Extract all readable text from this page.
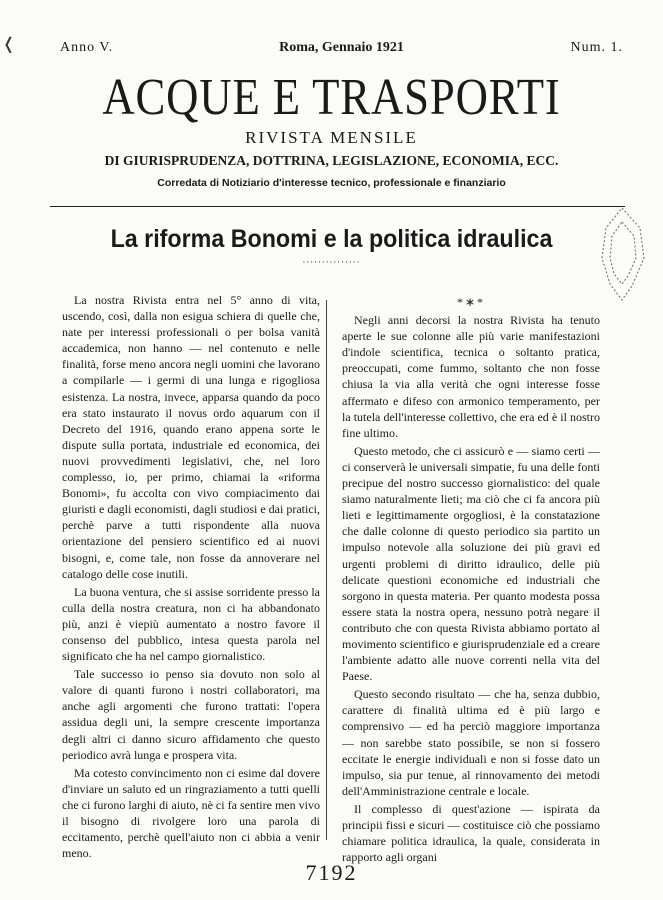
❬	Anno V.	Roma, Gennaio 1921	Num. 1.
ACQUE E TRASPORTI
RIVISTA MENSILE
DI GIURISPRUDENZA, DOTTRINA, LEGISLAZIONE, ECONOMIA, ECC.
Corredata di Notiziario d'interesse tecnico, professionale e finanziario
La riforma Bonomi e la politica idraulica
···············

La nostra Rivista entra nel 5° anno di vita, uscendo, così, dalla non esigua schiera di quelle che, nate per interessi professionali o per bolsa vanità accademica, non hanno — nel contenuto e nelle finalità, forse meno ancora negli uomini che lavorano a compilarle — i germi di una lunga e rigogliosa esistenza. La nostra, invece, apparsa quando da poco era stato instaurato il novus ordo aquarum con il Decreto del 1916, quando erano appena sorte le dispute sulla portata, industriale ed economica, dei nuovi provvedimenti legislativi, che, nel loro complesso, io, per primo, chiamai la «riforma Bonomi», fu accolta con vivo compiacimento dai giuristi e dagli economisti, dagli studiosi e dai pratici, perchè parve a tutti rispondente alla nuova orientazione del pensiero scientifico ed ai nuovi bisogni, e, come tale, non fosse da annoverare nel catalogo delle cose inutili.

La buona ventura, che si assise sorridente presso la culla della nostra creatura, non ci ha abbandonato più, anzi è viepiù aumentato a nostro favore il consenso del pubblico, intesa questa parola nel significato che ha nel campo giornalistico.

Tale successo io penso sia dovuto non solo al valore di quanti furono i nostri collaboratori, ma anche agli argomenti che furono trattati: l'opera assidua degli uni, la sempre crescente importanza degli altri ci danno sicuro affidamento che questo periodico avrà lunga e prospera vita.

Ma cotesto convincimento non ci esime dal dovere d'inviare un saluto ed un ringraziamento a tutti quelli che ci furono larghi di aiuto, nè ci fa sentire men vivo il bisogno di rivolgere loro una parola di eccitamento, perchè quell'aiuto non ci abbia a venir meno.

*∗*

Negli anni decorsi la nostra Rivista ha tenuto aperte le sue colonne alle più varie manifestazioni d'indole scientifica, tecnica o soltanto pratica, preoccupati, come fummo, soltanto che non fosse chiusa la via alla verità che ogni interesse fosse affermato e difeso con armonico temperamento, per la tutela dell'interesse collettivo, che era ed è il nostro fine ultimo.

Questo metodo, che ci assicurò e — siamo certi — ci conserverà le universali simpatie, fu una delle fonti precipue del nostro successo giornalistico: del quale siamo naturalmente lieti; ma ciò che ci fa ancora più lieti e legittimamente orgogliosi, è la constatazione che dalle colonne di questo periodico sia partito un impulso notevole alla soluzione dei più gravi ed urgenti problemi di diritto idraulico, delle più delicate questioni economiche ed industriali che sorgono in questa materia. Per quanto modesta possa essere stata la nostra opera, nessuno potrà negare il contributo che con questa Rivista abbiamo portato al movimento scientifico e giurisprudenziale ed a creare l'ambiente adatto alle nuove correnti nella vita del Paese.

Questo secondo risultato — che ha, senza dubbio, carattere di finalità ultima ed è più largo e comprensivo — ed ha perciò maggiore importanza — non sarebbe stato possibile, se non si fossero eccitate le energie individuali e non si fosse dato un impulso, sia pur tenue, al rinnovamento dei metodi dell'Amministrazione centrale e locale.

Il complesso di quest'azione — ispirata da principii fissi e sicuri — costituisce ciò che possiamo chiamare politica idraulica, la quale, considerata in rapporto agli organi

7192
